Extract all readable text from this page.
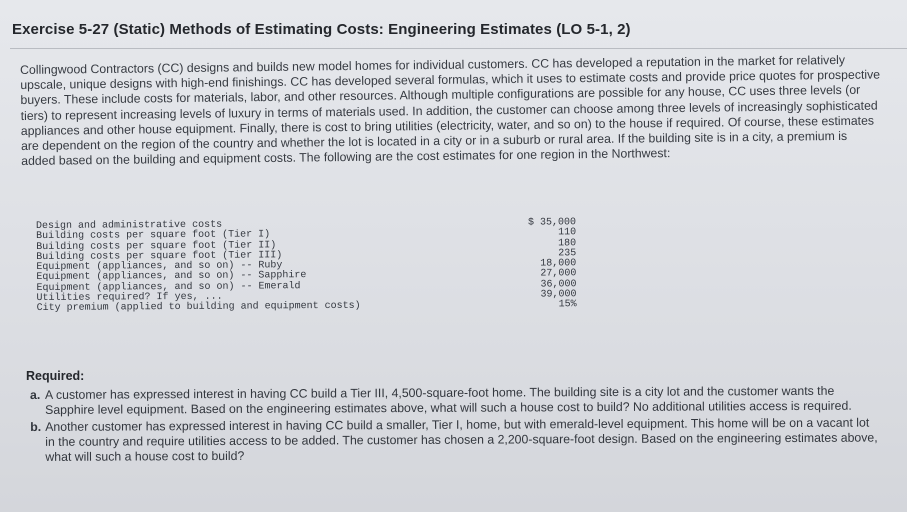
Exercise 5-27 (Static) Methods of Estimating Costs: Engineering Estimates (LO 5-1, 2)
Collingwood Contractors (CC) designs and builds new model homes for individual customers. CC has developed a reputation in the market for relatively upscale, unique designs with high-end finishings. CC has developed several formulas, which it uses to estimate costs and provide price quotes for prospective buyers. These include costs for materials, labor, and other resources. Although multiple configurations are possible for any house, CC uses three levels (or tiers) to represent increasing levels of luxury in terms of materials used. In addition, the customer can choose among three levels of increasingly sophisticated appliances and other house equipment. Finally, there is cost to bring utilities (electricity, water, and so on) to the house if required. Of course, these estimates are dependent on the region of the country and whether the lot is located in a city or in a suburb or rural area. If the building site is in a city, a premium is added based on the building and equipment costs. The following are the cost estimates for one region in the Northwest:
Design and administrative costs	$ 35,000
Building costs per square foot (Tier I)	110
Building costs per square foot (Tier II)	180
Building costs per square foot (Tier III)	235
Equipment (appliances, and so on) -- Ruby	18,000
Equipment (appliances, and so on) -- Sapphire	27,000
Equipment (appliances, and so on) -- Emerald	36,000
Utilities required? If yes, ...	39,000
City premium (applied to building and equipment costs)	15%
Required:
a. A customer has expressed interest in having CC build a Tier III, 4,500-square-foot home. The building site is a city lot and the customer wants the Sapphire level equipment. Based on the engineering estimates above, what will such a house cost to build? No additional utilities access is required.
b. Another customer has expressed interest in having CC build a smaller, Tier I, home, but with emerald-level equipment. This home will be on a vacant lot in the country and require utilities access to be added. The customer has chosen a 2,200-square-foot design. Based on the engineering estimates above, what will such a house cost to build?
